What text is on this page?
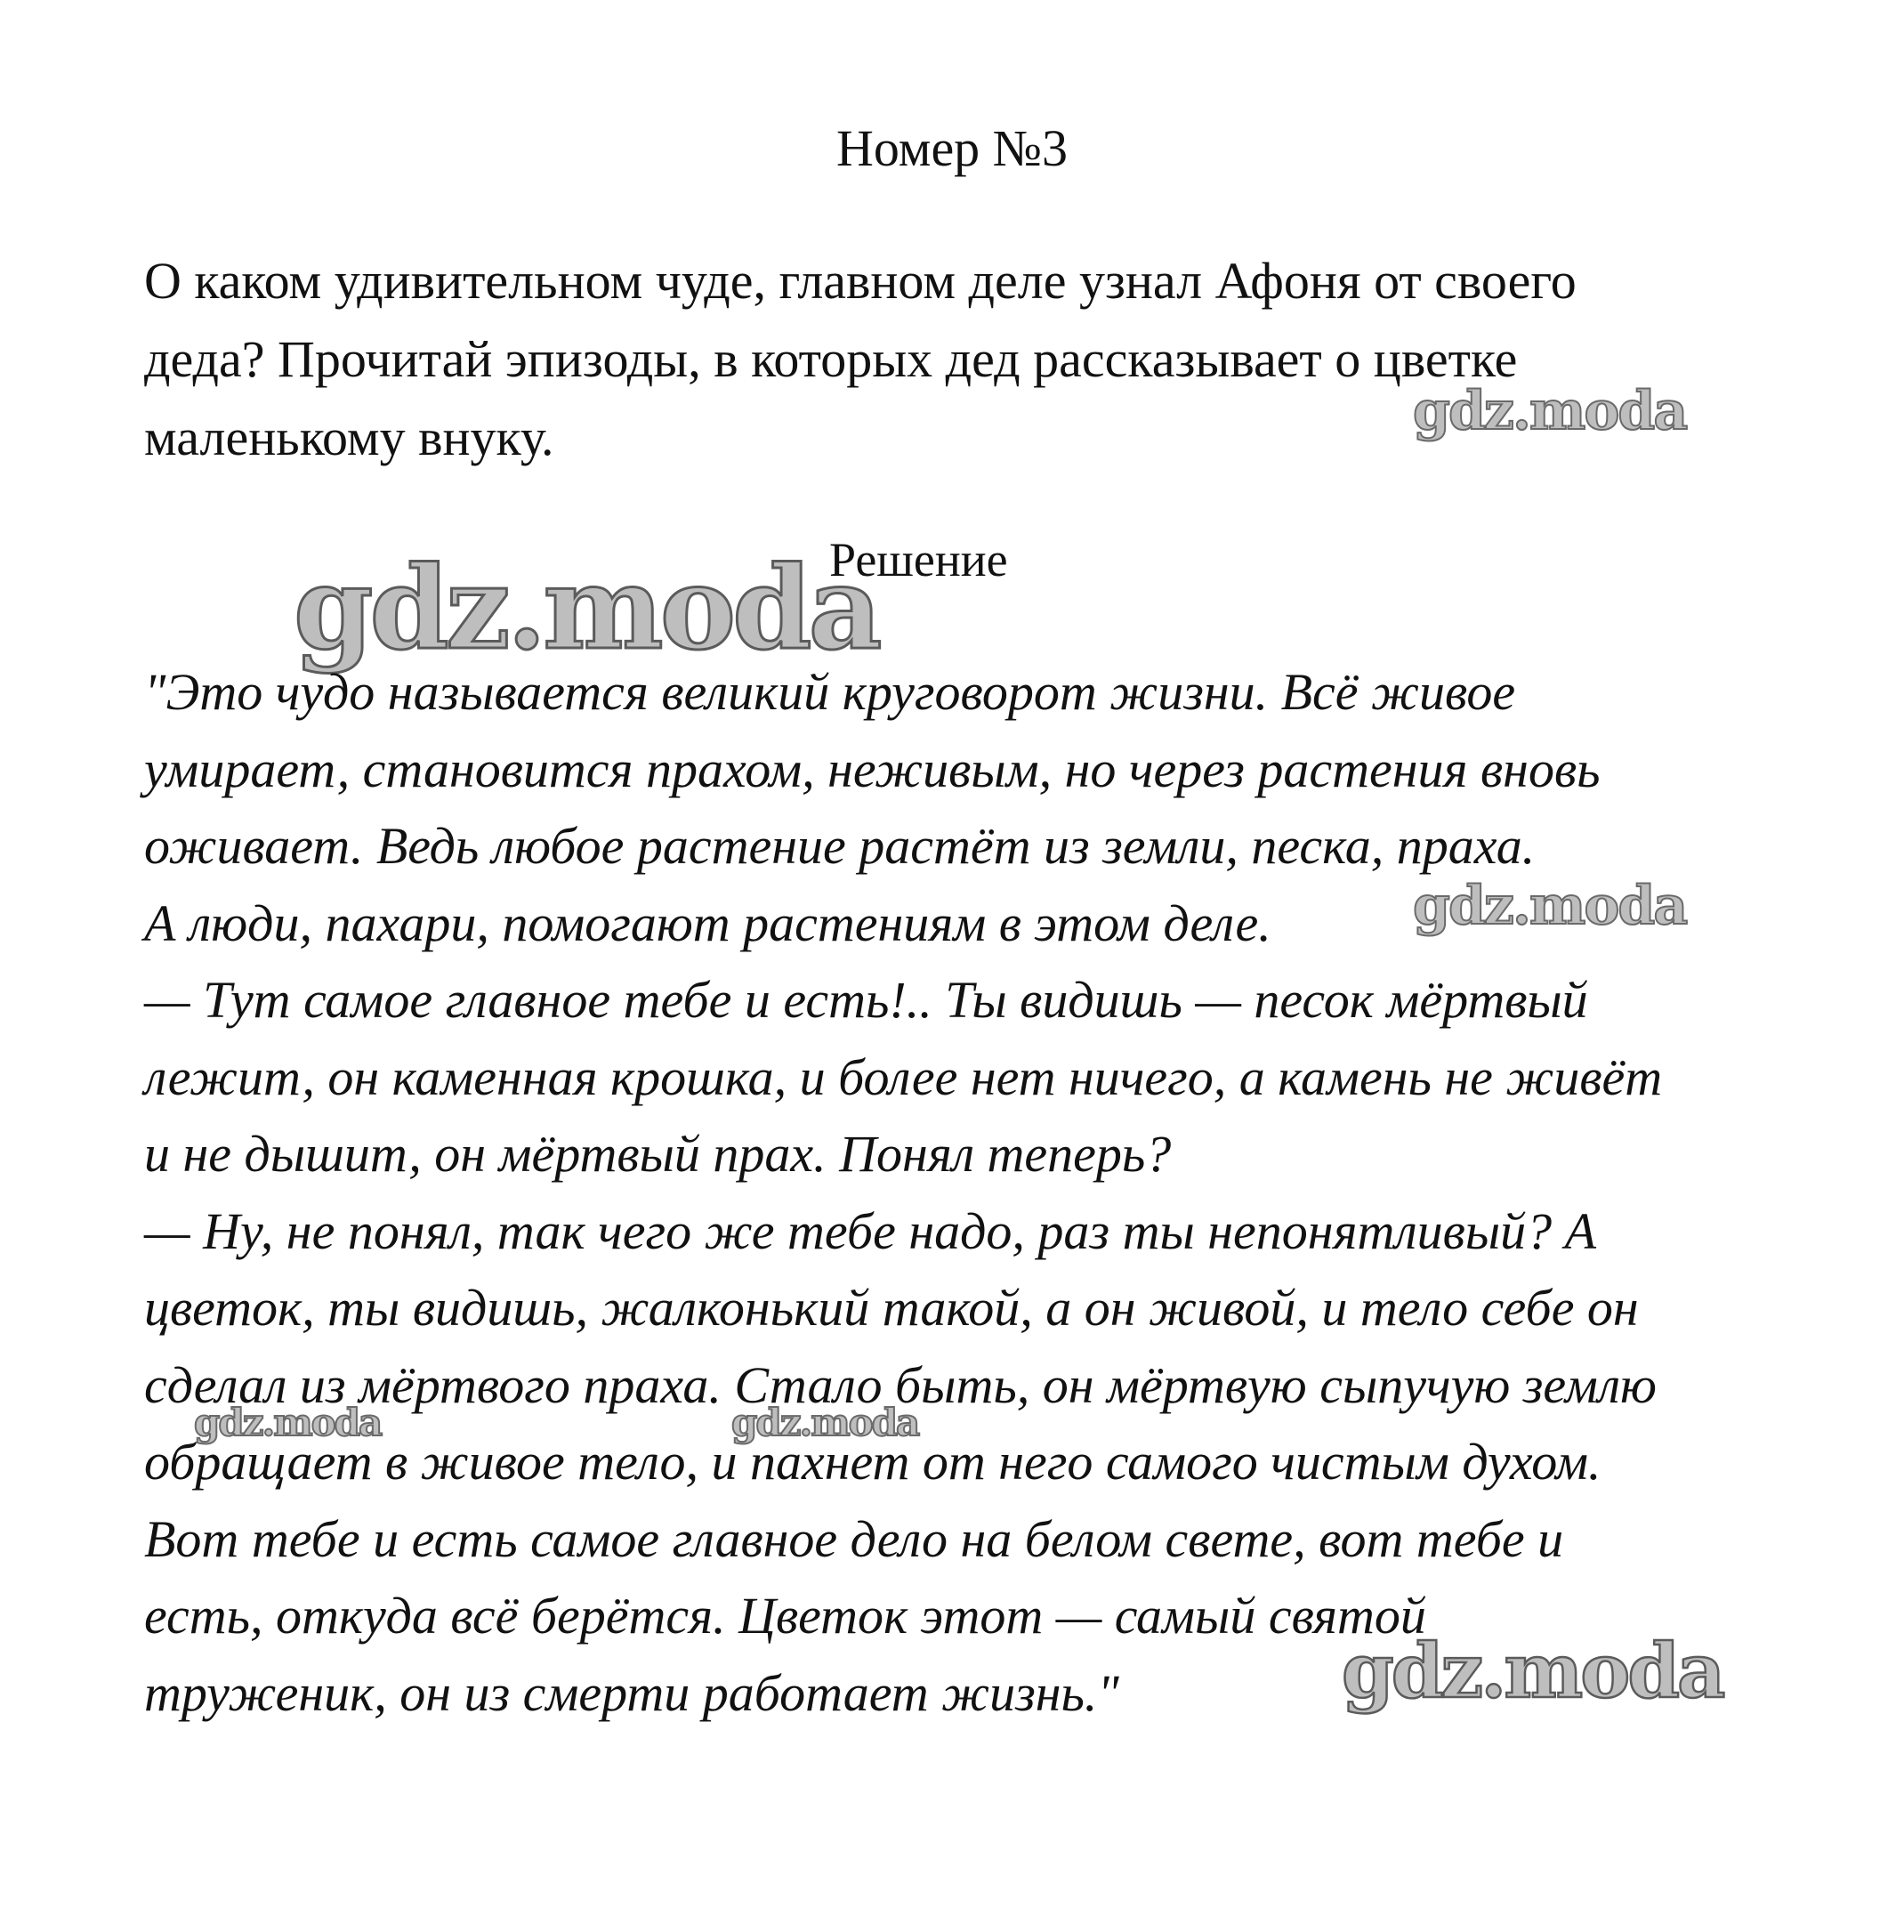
Номер №3
О каком удивительном чуде, главном деле узнал Афоня от своего
деда? Прочитай эпизоды, в которых дед рассказывает о цветке
маленькому внуку.
gdz.moda
Решение
"Это чудо называется великий круговорот жизни. Всё живое
умирает, становится прахом, неживым, но через растения вновь
оживает. Ведь любое растение растёт из земли, песка, праха.
А люди, пахари, помогают растениям в этом деле.
— Тут самое главное тебе и есть!.. Ты видишь — песок мёртвый
лежит, он каменная крошка, и более нет ничего, а камень не живёт
и не дышит, он мёртвый прах. Понял теперь?
— Ну, не понял, так чего же тебе надо, раз ты непонятливый? А
цветок, ты видишь, жалконький такой, а он живой, и тело себе он
сделал из мёртвого праха. Стало быть, он мёртвую сыпучую землю
обращает в живое тело, и пахнет от него самого чистым духом.
Вот тебе и есть самое главное дело на белом свете, вот тебе и
есть, откуда всё берётся. Цветок этот — самый святой
труженик, он из смерти работает жизнь."
gdz.moda
gdz.moda
gdz.moda	gdz.moda
gdz.moda
